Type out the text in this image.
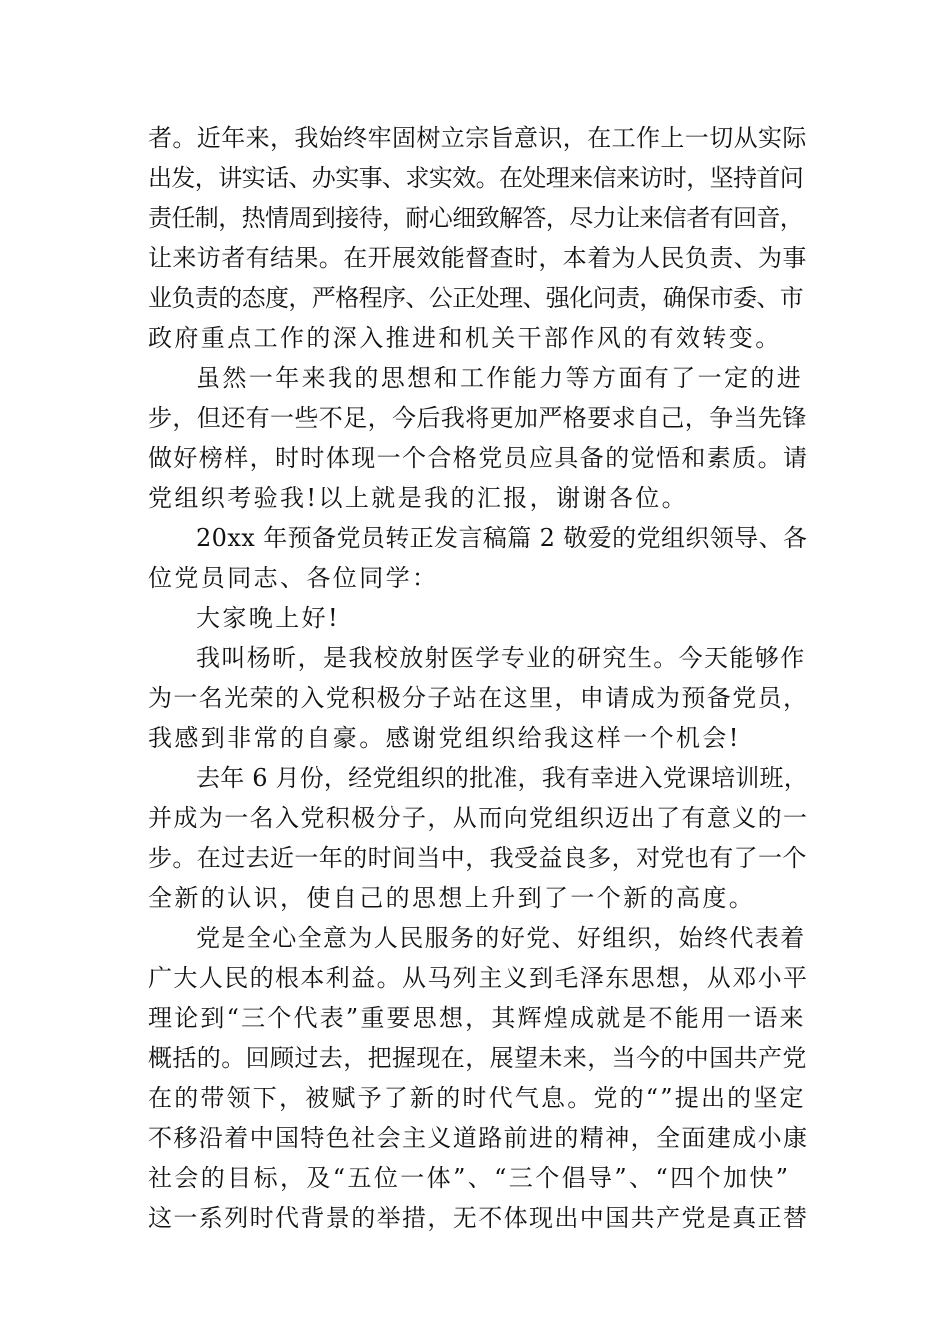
者。近年来，我始终牢固树立宗旨意识，在工作上一切从实际
出发，讲实话、办实事、求实效。在处理来信来访时，坚持首问
责任制，热情周到接待，耐心细致解答，尽力让来信者有回音，
让来访者有结果。在开展效能督查时，本着为人民负责、为事
业负责的态度，严格程序、公正处理、强化问责，确保市委、市
政府重点工作的深入推进和机关干部作风的有效转变。
虽然一年来我的思想和工作能力等方面有了一定的进
步，但还有一些不足，今后我将更加严格要求自己，争当先锋
做好榜样，时时体现一个合格党员应具备的觉悟和素质。请
党组织考验我!以上就是我的汇报，谢谢各位。
20xx 年预备党员转正发言稿篇 2 敬爱的党组织领导、各
位党员同志、各位同学：
大家晚上好!
我叫杨昕，是我校放射医学专业的研究生。今天能够作
为一名光荣的入党积极分子站在这里，申请成为预备党员，
我感到非常的自豪。感谢党组织给我这样一个机会!
去年 6 月份，经党组织的批准，我有幸进入党课培训班，
并成为一名入党积极分子，从而向党组织迈出了有意义的一
步。在过去近一年的时间当中，我受益良多，对党也有了一个
全新的认识，使自己的思想上升到了一个新的高度。
党是全心全意为人民服务的好党、好组织，始终代表着
广大人民的根本利益。从马列主义到毛泽东思想，从邓小平
理论到“三个代表”重要思想，其辉煌成就是不能用一语来
概括的。回顾过去，把握现在，展望未来，当今的中国共产党
在的带领下，被赋予了新的时代气息。党的“”提出的坚定
不移沿着中国特色社会主义道路前进的精神，全面建成小康
社会的目标，及“五位一体”、“三个倡导”、“四个加快”
这一系列时代背景的举措，无不体现出中国共产党是真正替
